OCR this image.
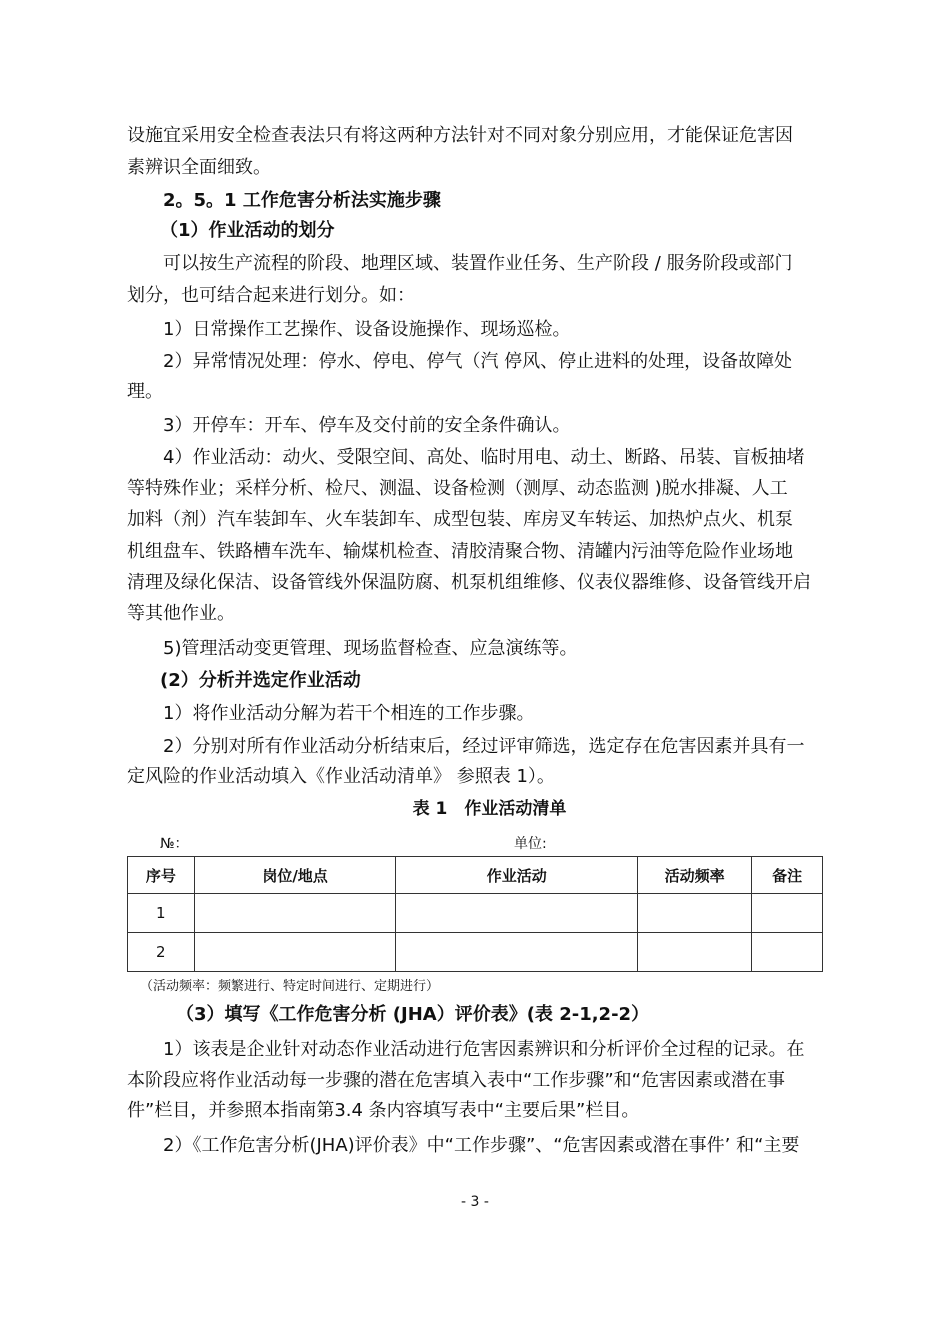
设施宜采用安全检查表法只有将这两种方法针对不同对象分别应用，才能保证危害因
素辨识全面细致。
2。5。1 工作危害分析法实施步骤
（1）作业活动的划分
可以按生产流程的阶段、地理区域、装置作业任务、生产阶段 / 服务阶段或部门
划分，也可结合起来进行划分。如：
1）日常操作工艺操作、设备设施操作、现场巡检。
2）异常情况处理：停水、停电、停气（汽 停风、停止进料的处理，设备故障处
理。
3）开停车：开车、停车及交付前的安全条件确认。
4）作业活动：动火、受限空间、高处、临时用电、动土、断路、吊装、盲板抽堵
等特殊作业；采样分析、检尺、测温、设备检测（测厚、动态监测 )脱水排凝、人工
加料（剂）汽车装卸车、火车装卸车、成型包装、库房叉车转运、加热炉点火、机泵
机组盘车、铁路槽车洗车、输煤机检查、清胶清聚合物、清罐内污油等危险作业场地
清理及绿化保洁、设备管线外保温防腐、机泵机组维修、仪表仪器维修、设备管线开启
等其他作业。
5)管理活动变更管理、现场监督检查、应急演练等。
(2）分析并选定作业活动
1）将作业活动分解为若干个相连的工作步骤。
2）分别对所有作业活动分析结束后，经过评审筛选，选定存在危害因素并具有一
定风险的作业活动填入《作业活动清单》 参照表 1）。
表 1　作业活动清单
№：	单位:
序号	岗位/地点	作业活动	活动频率	备注
1				
2				
（活动频率：频繁进行、特定时间进行、定期进行）
（3）填写《工作危害分析 (JHA）评价表》(表 2-1,2-2）
1）该表是企业针对动态作业活动进行危害因素辨识和分析评价全过程的记录。在
本阶段应将作业活动每一步骤的潜在危害填入表中“工作步骤”和“危害因素或潜在事
件”栏目，并参照本指南第3.4 条内容填写表中“主要后果”栏目。
2）《工作危害分析(JHA)评价表》中“工作步骤”、“危害因素或潜在事件’ 和“主要
- 3 -
